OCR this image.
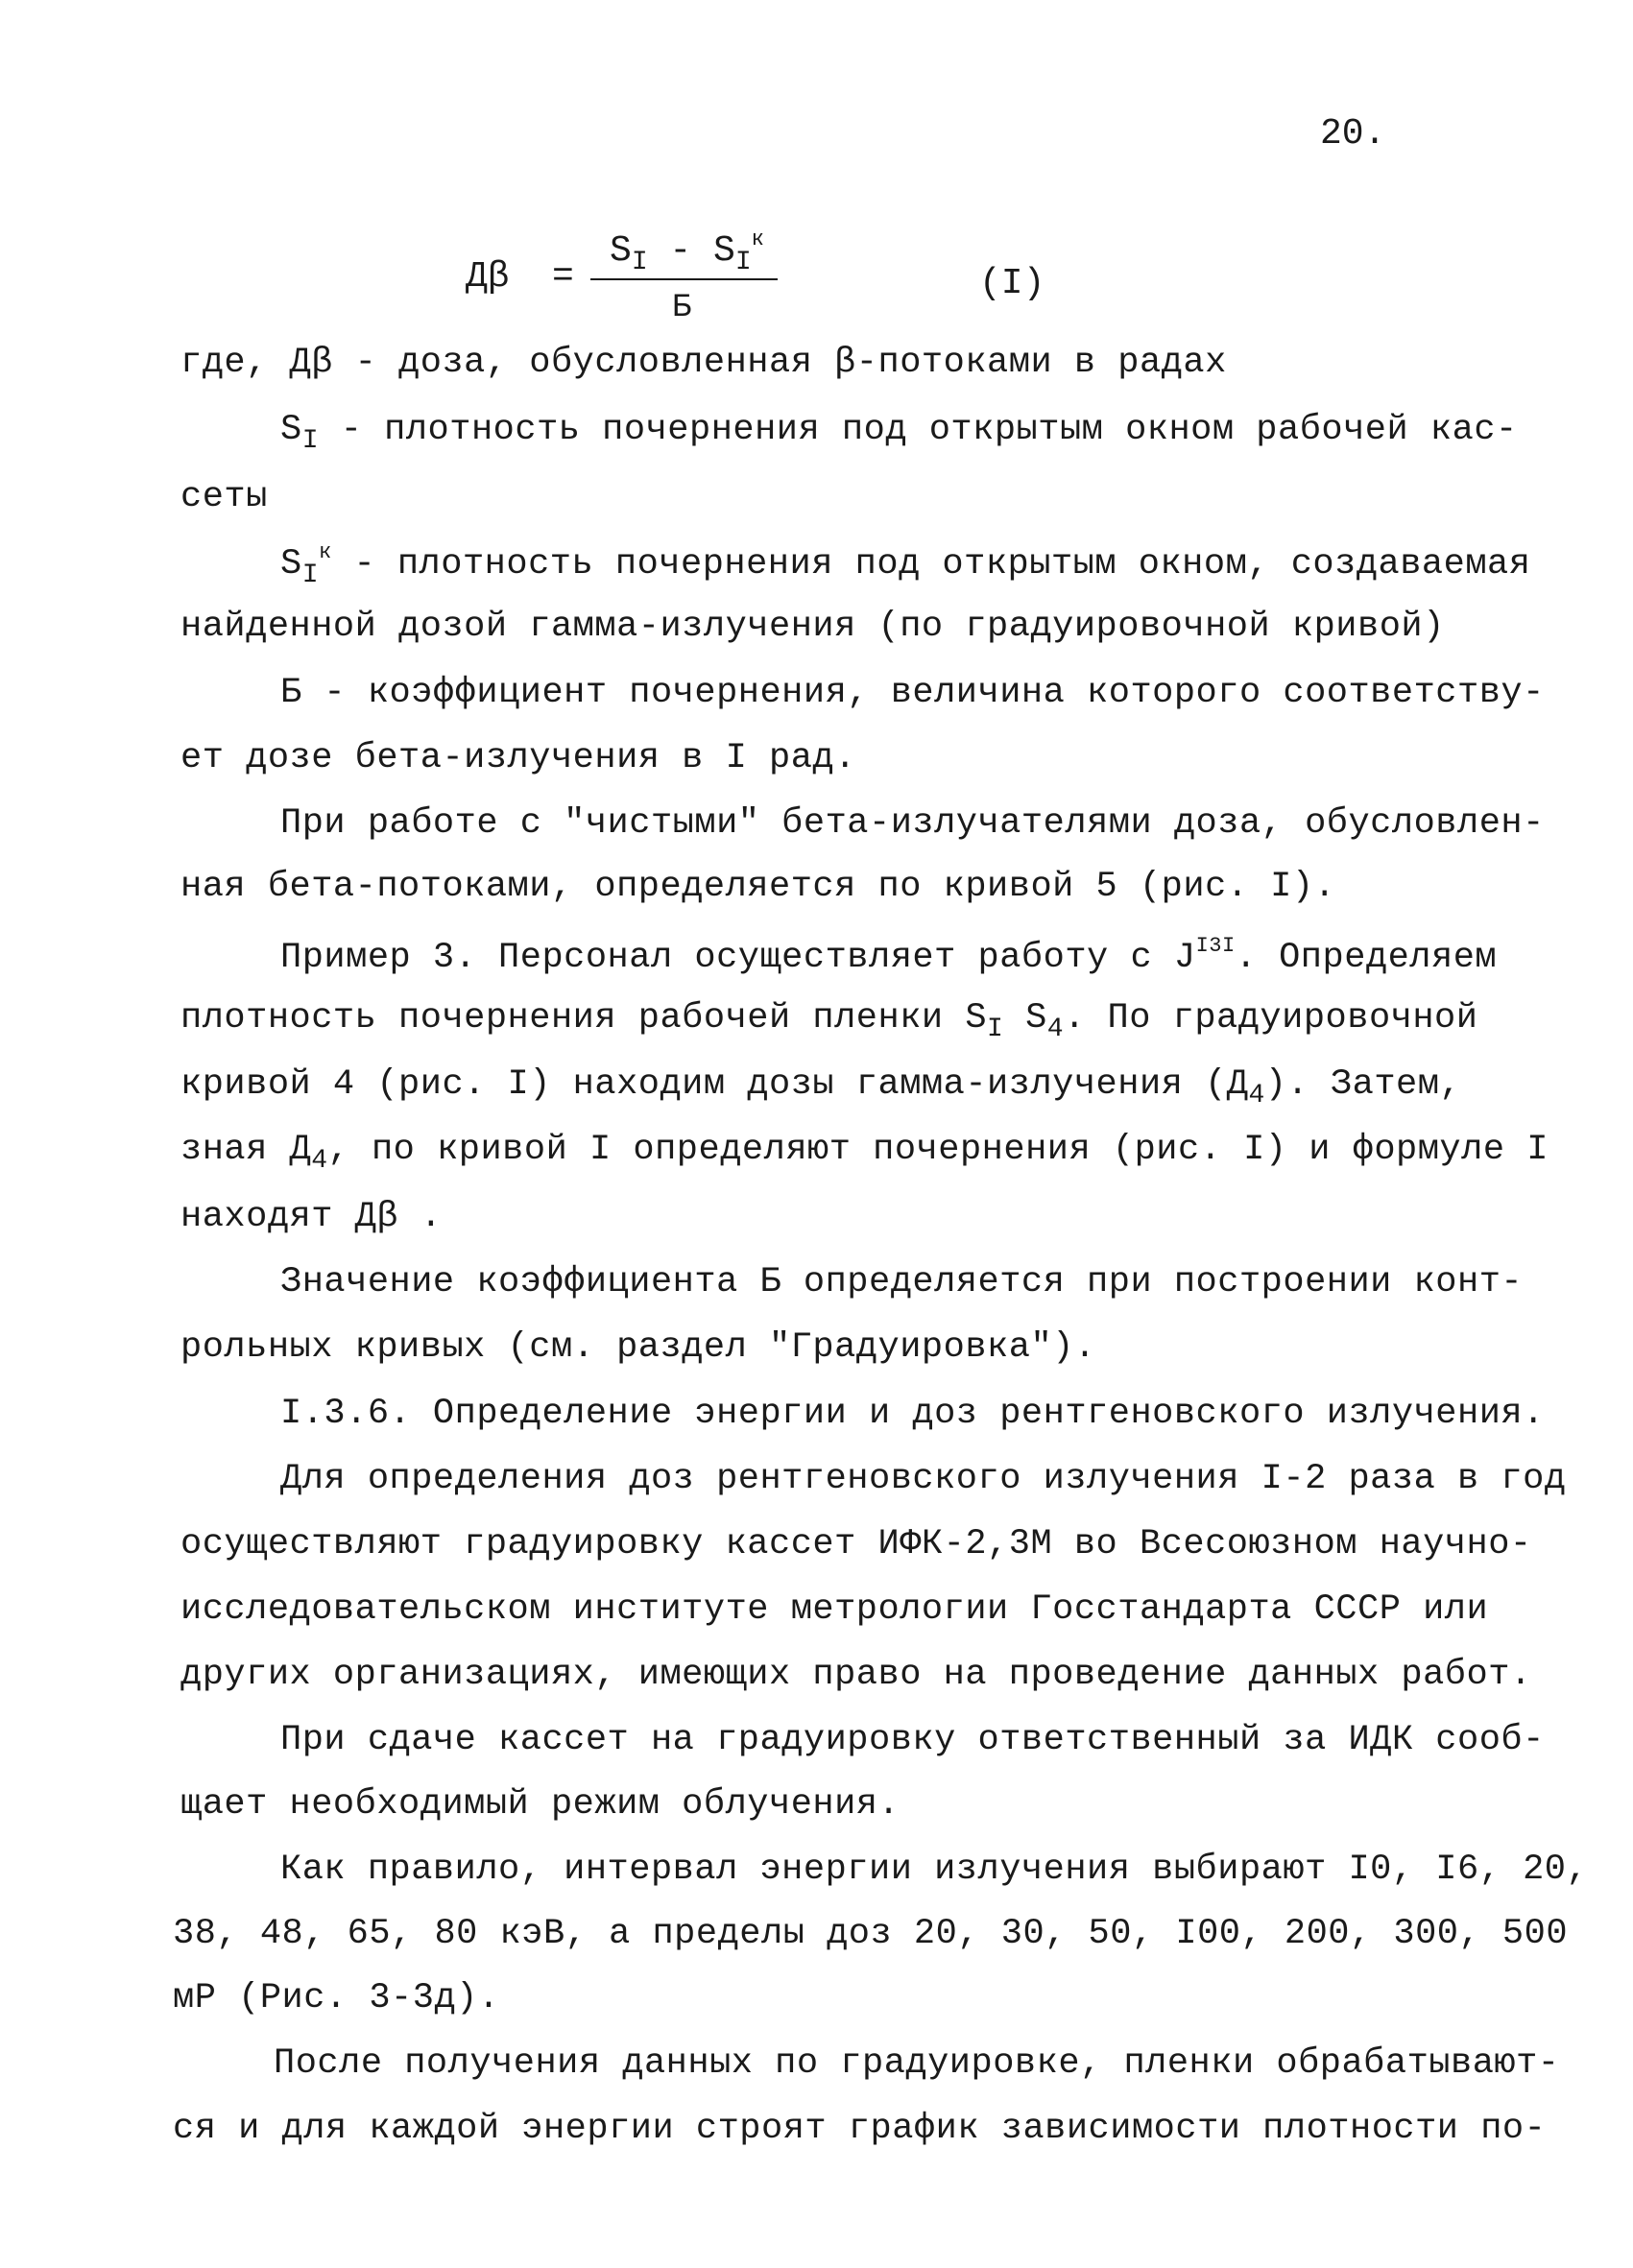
20.
Дβ =
$S_I - S_I^к$
Б
(I)
где, Дβ - доза, обусловленная β-потоками в радах
$S_I$ - плотность почернения под открытым окном рабочей кас-
сеты
$S_I^к$ - плотность почернения под открытым окном, создаваемая
найденной дозой гамма-излучения (по градуировочной кривой)
Б - коэффициент почернения, величина которого соответству-
ет дозе бета-излучения в I рад.
При работе с "чистыми" бета-излучателями доза, обусловлен-
ная бета-потоками, определяется по кривой 5 (рис. I).
Пример 3. Персонал осуществляет работу с $J^{I3I}$. Определяем
плотность почернения рабочей пленки $S_I$ $S_4$. По градуировочной
кривой 4 (рис. I) находим дозы гамма-излучения $(Д_4)$. Затем,
зная $Д_4$, по кривой I определяют почернения (рис. I) и формуле I
находят Дβ .
Значение коэффициента Б определяется при построении конт-
рольных кривых (см. раздел "Градуировка").
I.3.6. Определение энергии и доз рентгеновского излучения.
Для определения доз рентгеновского излучения I-2 раза в год
осуществляют градуировку кассет ИФК-2,3М во Всесоюзном научно-
исследовательском институте метрологии Госстандарта СССР или
других организациях, имеющих право на проведение данных работ.
При сдаче кассет на градуировку ответственный за ИДК сооб-
щает необходимый режим облучения.
Как правило, интервал энергии излучения выбирают I0, I6, 20,
38, 48, 65, 80 кэВ, а пределы доз 20, 30, 50, I00, 200, 300, 500
мР (Рис. 3-3д).
После получения данных по градуировке, пленки обрабатывают-
ся и для каждой энергии строят график зависимости плотности по-
